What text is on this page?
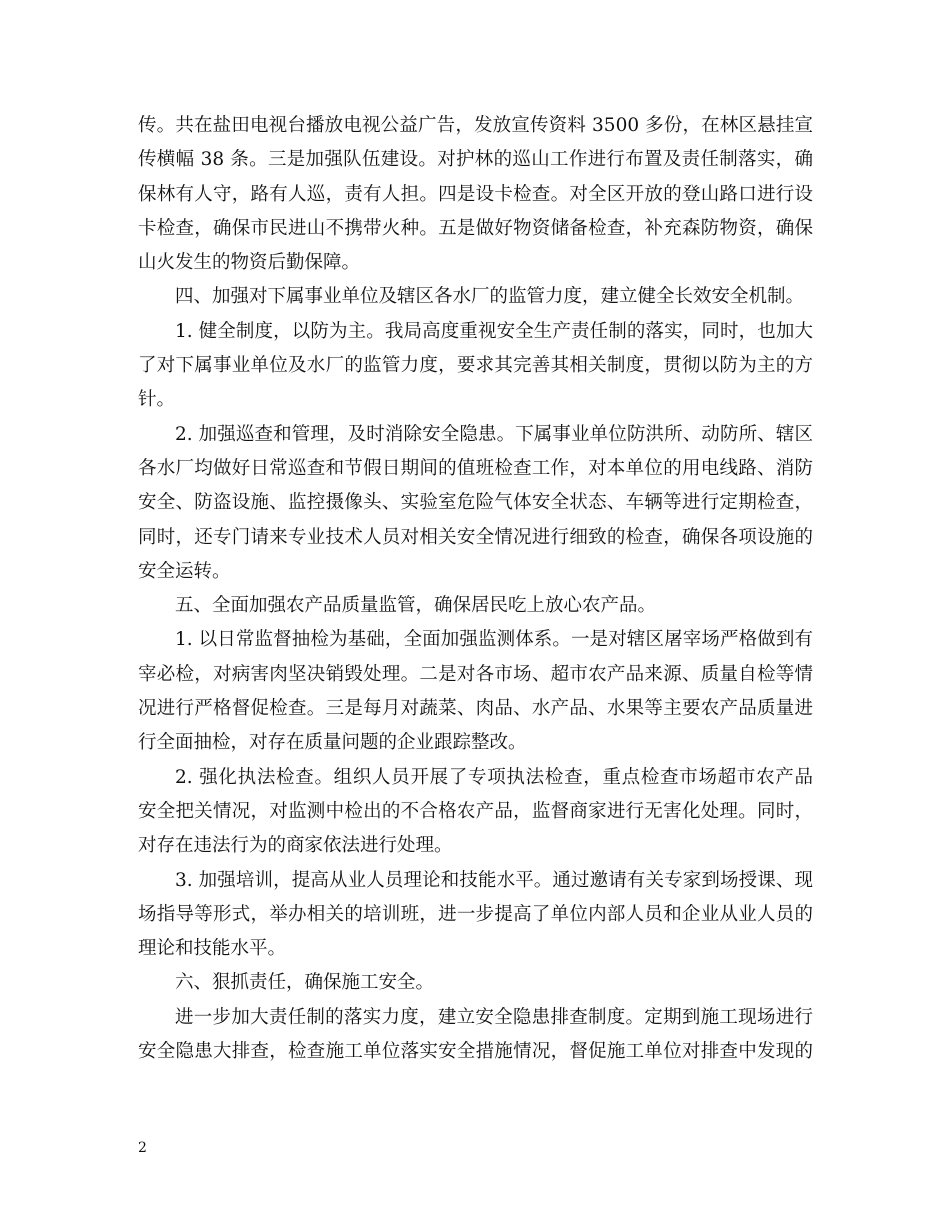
传。共在盐田电视台播放电视公益广告，发放宣传资料 3500 多份，在林区悬挂宣
传横幅 38 条。三是加强队伍建设。对护林的巡山工作进行布置及责任制落实，确
保林有人守，路有人巡，责有人担。四是设卡检查。对全区开放的登山路口进行设
卡检查，确保市民进山不携带火种。五是做好物资储备检查，补充森防物资，确保
山火发生的物资后勤保障。
四、加强对下属事业单位及辖区各水厂的监管力度，建立健全长效安全机制。
1. 健全制度，以防为主。我局高度重视安全生产责任制的落实，同时，也加大
了对下属事业单位及水厂的监管力度，要求其完善其相关制度，贯彻以防为主的方
针。
2. 加强巡查和管理，及时消除安全隐患。下属事业单位防洪所、动防所、辖区
各水厂均做好日常巡查和节假日期间的值班检查工作，对本单位的用电线路、消防
安全、防盗设施、监控摄像头、实验室危险气体安全状态、车辆等进行定期检查，
同时，还专门请来专业技术人员对相关安全情况进行细致的检查，确保各项设施的
安全运转。
五、全面加强农产品质量监管，确保居民吃上放心农产品。
1. 以日常监督抽检为基础，全面加强监测体系。一是对辖区屠宰场严格做到有
宰必检，对病害肉坚决销毁处理。二是对各市场、超市农产品来源、质量自检等情
况进行严格督促检查。三是每月对蔬菜、肉品、水产品、水果等主要农产品质量进
行全面抽检，对存在质量问题的企业跟踪整改。
2. 强化执法检查。组织人员开展了专项执法检查，重点检查市场超市农产品
安全把关情况，对监测中检出的不合格农产品，监督商家进行无害化处理。同时，
对存在违法行为的商家依法进行处理。
3. 加强培训，提高从业人员理论和技能水平。通过邀请有关专家到场授课、现
场指导等形式，举办相关的培训班，进一步提高了单位内部人员和企业从业人员的
理论和技能水平。
六、狠抓责任，确保施工安全。
进一步加大责任制的落实力度，建立安全隐患排查制度。定期到施工现场进行
安全隐患大排查，检查施工单位落实安全措施情况，督促施工单位对排查中发现的
2
